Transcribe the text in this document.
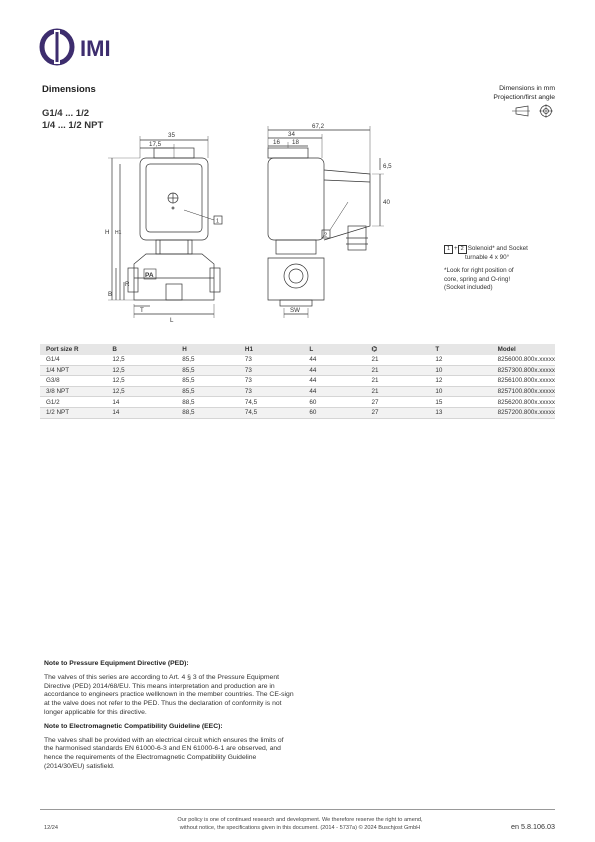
IMI
Dimensions
G1/4 ... 1/2
1/4 ... 1/2 NPT
Dimensions in mm
Projection/first angle
35
17,5
34
67,2
16 18
6,5
40
H H1
B
R
T
L
SW
PA
1
2
1 + 2 Solenoid* and Socket
turnable 4 x 90°
*Look for right position of
core, spring and O-ring!
(Socket included)
Port size R	B	H	H1	L	⌬	T	Model
G1/4	12,5	85,5	73	44	21	12	8256000.800x.xxxxx
1/4 NPT	12,5	85,5	73	44	21	10	8257300.800x.xxxxx
G3/8	12,5	85,5	73	44	21	12	8256100.800x.xxxxx
3/8 NPT	12,5	85,5	73	44	21	10	8257100.800x.xxxxx
G1/2	14	88,5	74,5	60	27	15	8256200.800x.xxxxx
1/2 NPT	14	88,5	74,5	60	27	13	8257200.800x.xxxxx
Note to Pressure Equipment Directive (PED):

The valves of this series are according to Art. 4 § 3 of the Pressure Equipment Directive (PED) 2014/68/EU. This means interpretation and production are in accordance to engineers practice wellknown in the member countries. The CE-sign at the valve does not refer to the PED. Thus the declaration of conformity is not longer applicable for this directive.

Note to Electromagnetic Compatibility Guideline (EEC):

The valves shall be provided with an electrical circuit which ensures the limits of the harmonised standards EN 61000-6-3 and EN 61000-6-1 are observed, and hence the requirements of the Electromagnetic Compatibility Guideline (2014/30/EU) satisfield.

12/24
Our policy is one of continued research and development. We therefore reserve the right to amend,
without notice, the specifications given in this document. (2014 - 5737a) © 2024 Buschjost GmbH	en 5.8.106.03
